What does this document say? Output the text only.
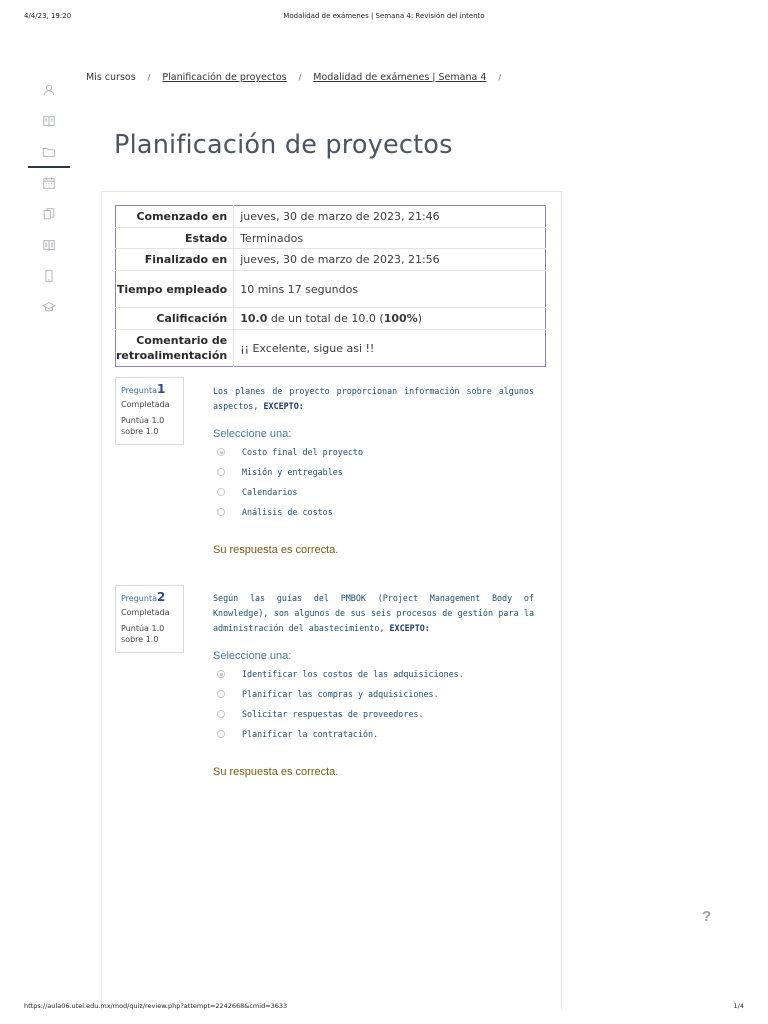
4/4/23, 19:20	Modalidad de exámenes | Semana 4: Revisión del intento
Mis cursos / Planificación de proyectos / Modalidad de exámenes | Semana 4 /
Planificación de proyectos
Comenzado en	jueves, 30 de marzo de 2023, 21:46
Estado	Terminados
Finalizado en	jueves, 30 de marzo de 2023, 21:56
Tiempo empleado	10 mins 17 segundos
Calificación	10.0 de un total de 10.0 (100%)
Comentario de retroalimentación	¡¡ Excelente, sigue asi !!
Pregunta1
Completada
Puntúa 1.0 sobre 1.0

Los planes de proyecto proporcionan información sobre algunos aspectos, EXCEPTO:

Seleccione una:
Costo final del proyecto
Misión y entregables
Calendarios
Análisis de costos
Su respuesta es correcta.
Pregunta2
Completada
Puntúa 1.0 sobre 1.0

Según las guías del PMBOK (Project Management Body of Knowledge), son algunos de sus seis procesos de gestión para la administración del abastecimiento, EXCEPTO:

Seleccione una:
Identificar los costos de las adquisiciones.
Planificar las compras y adquisiciones.
Solicitar respuestas de proveedores.
Planificar la contratación.
Su respuesta es correcta.
?
https://aula06.utel.edu.mx/mod/quiz/review.php?attempt=2242668&cmid=3633	1/4
